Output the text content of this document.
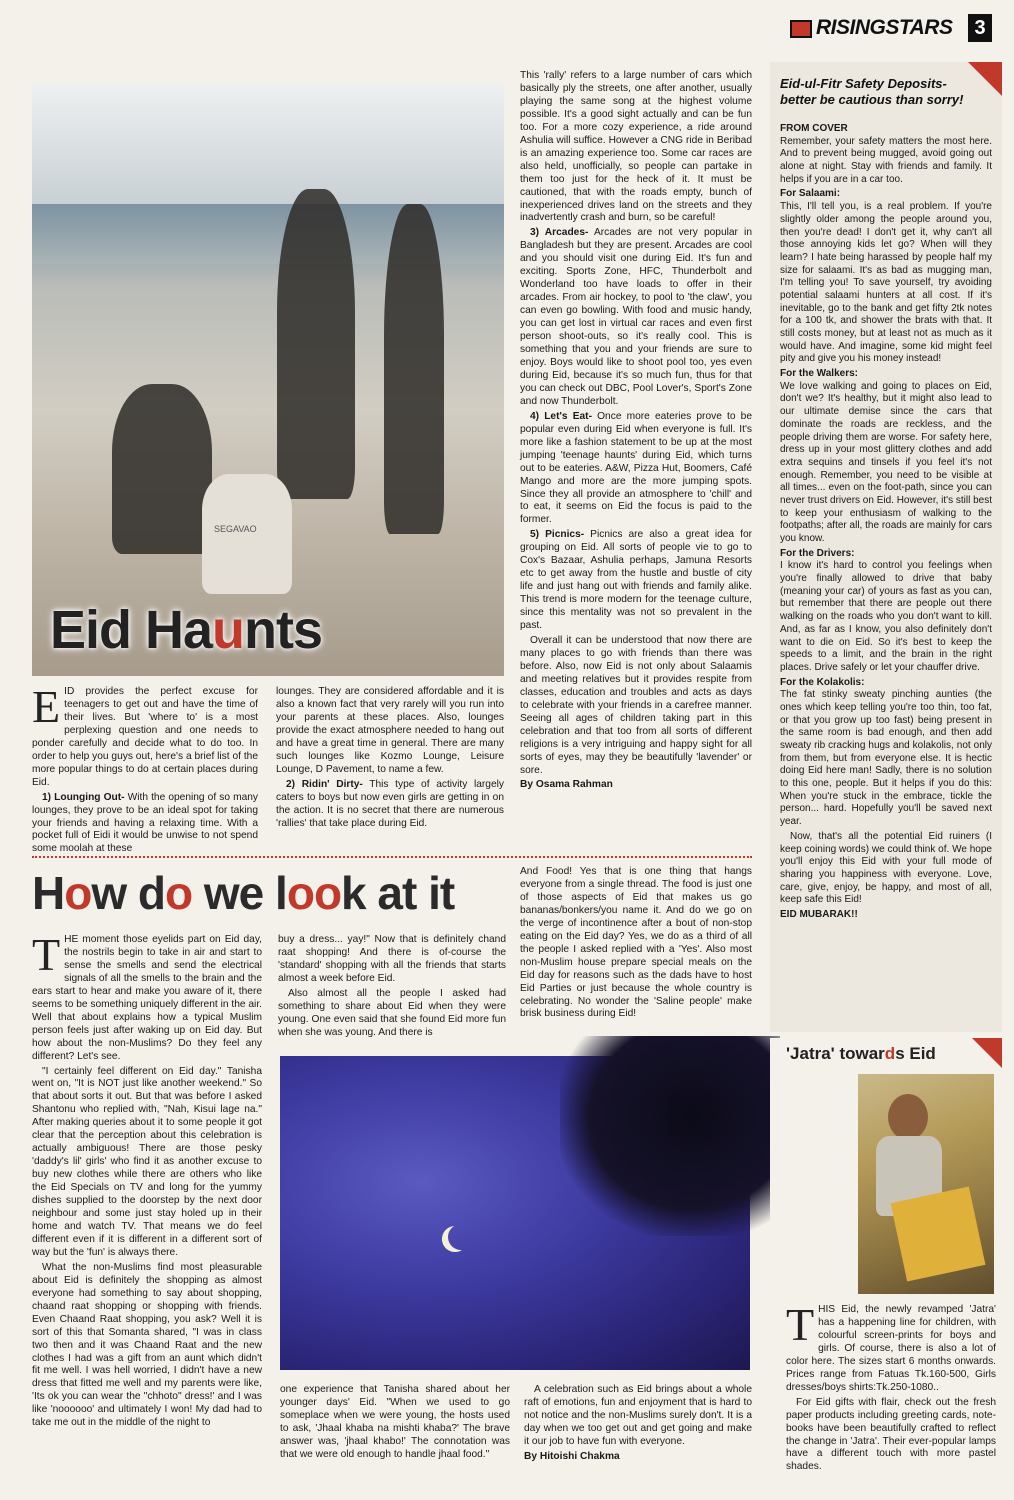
RISINGSTARS	3
SEGAVAO
Eid Haunts

EID provides the perfect excuse for teenagers to get out and have the time of their lives. But 'where to' is a most perplexing question and one needs to ponder carefully and decide what to do too. In order to help you guys out, here's a brief list of the more popular things to do at certain places during Eid.

1) Lounging Out- With the opening of so many lounges, they prove to be an ideal spot for taking your friends and having a relaxing time. With a pocket full of Eidi it would be unwise to not spend some moolah at these

lounges. They are considered affordable and it is also a known fact that very rarely will you run into your parents at these places. Also, lounges provide the exact atmosphere needed to hang out and have a great time in general. There are many such lounges like Kozmo Lounge, Leisure Lounge, D Pavement, to name a few.

2) Ridin' Dirty- This type of activity largely caters to boys but now even girls are getting in on the action. It is no secret that there are numerous 'rallies' that take place during Eid.

This 'rally' refers to a large number of cars which basically ply the streets, one after another, usually playing the same song at the highest volume possible. It's a good sight actually and can be fun too. For a more cozy experience, a ride around Ashulia will suffice. However a CNG ride in Beribad is an amazing experience too. Some car races are also held, unofficially, so people can partake in them too just for the heck of it. It must be cautioned, that with the roads empty, bunch of inexperienced drives land on the streets and they inadvertently crash and burn, so be careful!

3) Arcades- Arcades are not very popular in Bangladesh but they are present. Arcades are cool and you should visit one during Eid. It's fun and exciting. Sports Zone, HFC, Thunderbolt and Wonderland too have loads to offer in their arcades. From air hockey, to pool to 'the claw', you can even go bowling. With food and music handy, you can get lost in virtual car races and even first person shoot-outs, so it's really cool. This is something that you and your friends are sure to enjoy. Boys would like to shoot pool too, yes even during Eid, because it's so much fun, thus for that you can check out DBC, Pool Lover's, Sport's Zone and now Thunderbolt.

4) Let's Eat- Once more eateries prove to be popular even during Eid when everyone is full. It's more like a fashion statement to be up at the most jumping 'teenage haunts' during Eid, which turns out to be eateries. A&W, Pizza Hut, Boomers, Café Mango and more are the more jumping spots. Since they all provide an atmosphere to 'chill' and to eat, it seems on Eid the focus is paid to the former.

5) Picnics- Picnics are also a great idea for grouping on Eid. All sorts of people vie to go to Cox's Bazaar, Ashulia perhaps, Jamuna Resorts etc to get away from the hustle and bustle of city life and just hang out with friends and family alike. This trend is more modern for the teenage culture, since this mentality was not so prevalent in the past.

Overall it can be understood that now there are many places to go with friends than there was before. Also, now Eid is not only about Salaamis and meeting relatives but it provides respite from classes, education and troubles and acts as days to celebrate with your friends in a carefree manner. Seeing all ages of children taking part in this celebration and that too from all sorts of different religions is a very intriguing and happy sight for all sorts of eyes, may they be beautifully 'lavender' or sore.

By Osama Rahman
Eid-ul-Fitr Safety Deposits- better be cautious than sorry!
FROM COVER

Remember, your safety matters the most here. And to prevent being mugged, avoid going out alone at night. Stay with friends and family. It helps if you are in a car too.

For Salaami:

This, I'll tell you, is a real problem. If you're slightly older among the people around you, then you're dead! I don't get it, why can't all those annoying kids let go? When will they learn? I hate being harassed by people half my size for salaami. It's as bad as mugging man, I'm telling you! To save yourself, try avoiding potential salaami hunters at all cost. If it's inevitable, go to the bank and get fifty 2tk notes for a 100 tk, and shower the brats with that. It still costs money, but at least not as much as it would have. And imagine, some kid might feel pity and give you his money instead!

For the Walkers:

We love walking and going to places on Eid, don't we? It's healthy, but it might also lead to our ultimate demise since the cars that dominate the roads are reckless, and the people driving them are worse. For safety here, dress up in your most glittery clothes and add extra sequins and tinsels if you feel it's not enough. Remember, you need to be visible at all times... even on the foot-path, since you can never trust drivers on Eid. However, it's still best to keep your enthusiasm of walking to the footpaths; after all, the roads are mainly for cars you know.

For the Drivers:

I know it's hard to control you feelings when you're finally allowed to drive that baby (meaning your car) of yours as fast as you can, but remember that there are people out there walking on the roads who you don't want to kill. And, as far as I know, you also definitely don't want to die on Eid. So it's best to keep the speeds to a limit, and the brain in the right places. Drive safely or let your chauffer drive.

For the Kolakolis:

The fat stinky sweaty pinching aunties (the ones which keep telling you're too thin, too fat, or that you grow up too fast) being present in the same room is bad enough, and then add sweaty rib cracking hugs and kolakolis, not only from them, but from everyone else. It is hectic doing Eid here man! Sadly, there is no solution to this one, people. But it helps if you do this: When you're stuck in the embrace, tickle the person... hard. Hopefully you'll be saved next year.

Now, that's all the potential Eid ruiners (I keep coining words) we could think of. We hope you'll enjoy this Eid with your full mode of sharing you happiness with everyone. Love, care, give, enjoy, be happy, and most of all, keep safe this Eid!

EID MUBARAK!!
How do we look at it

THE moment those eyelids part on Eid day, the nostrils begin to take in air and start to sense the smells and send the electrical signals of all the smells to the brain and the ears start to hear and make you aware of it, there seems to be something uniquely different in the air. Well that about explains how a typical Muslim person feels just after waking up on Eid day. But how about the non-Muslims? Do they feel any different? Let's see.

"I certainly feel different on Eid day." Tanisha went on, "It is NOT just like another weekend." So that about sorts it out. But that was before I asked Shantonu who replied with, "Nah, Kisui lage na." After making queries about it to some people it got clear that the perception about this celebration is actually ambiguous! There are those pesky 'daddy's lil' girls' who find it as another excuse to buy new clothes while there are others who like the Eid Specials on TV and long for the yummy dishes supplied to the doorstep by the next door neighbour and some just stay holed up in their home and watch TV. That means we do feel different even if it is different in a different sort of way but the 'fun' is always there.

What the non-Muslims find most pleasurable about Eid is definitely the shopping as almost everyone had something to say about shopping, chaand raat shopping or shopping with friends. Even Chaand Raat shopping, you ask? Well it is sort of this that Somanta shared, "I was in class two then and it was Chaand Raat and the new clothes I had was a gift from an aunt which didn't fit me well. I was hell worried, I didn't have a new dress that fitted me well and my parents were like, 'Its ok you can wear the "chhoto" dress!' and I was like 'noooooo' and ultimately I won! My dad had to take me out in the middle of the night to

buy a dress... yay!" Now that is definitely chand raat shopping! And there is of-course the 'standard' shopping with all the friends that starts almost a week before Eid.

Also almost all the people I asked had something to share about Eid when they were young. One even said that she found Eid more fun when she was young. And there is

And Food! Yes that is one thing that hangs everyone from a single thread. The food is just one of those aspects of Eid that makes us go bananas/bonkers/you name it. And do we go on the verge of incontinence after a bout of non-stop eating on the Eid day? Yes, we do as a third of all the people I asked replied with a 'Yes'. Also most non-Muslim house prepare special meals on the Eid day for reasons such as the dads have to host Eid Parties or just because the whole country is celebrating. No wonder the 'Saline people' make brisk business during Eid!

one experience that Tanisha shared about her younger days' Eid. "When we used to go someplace when we were young, the hosts used to ask, 'Jhaal khaba na mishti khaba?' The brave answer was, 'jhaal khabo!' The connotation was that we were old enough to handle jhaal food."

A celebration such as Eid brings about a whole raft of emotions, fun and enjoyment that is hard to not notice and the non-Muslims surely don't. It is a day when we too get out and get going and make it our job to have fun with everyone.

By Hitoishi Chakma
'Jatra' towards Eid

THIS Eid, the newly revamped 'Jatra' has a happening line for children, with colourful screen-prints for boys and girls. Of course, there is also a lot of color here. The sizes start 6 months onwards. Prices range from Fatuas Tk.160-500, Girls dresses/boys shirts:Tk.250-1080..

For Eid gifts with flair, check out the fresh paper products including greeting cards, note-books have been beautifully crafted to reflect the change in 'Jatra'. Their ever-popular lamps have a different touch with more pastel shades.
